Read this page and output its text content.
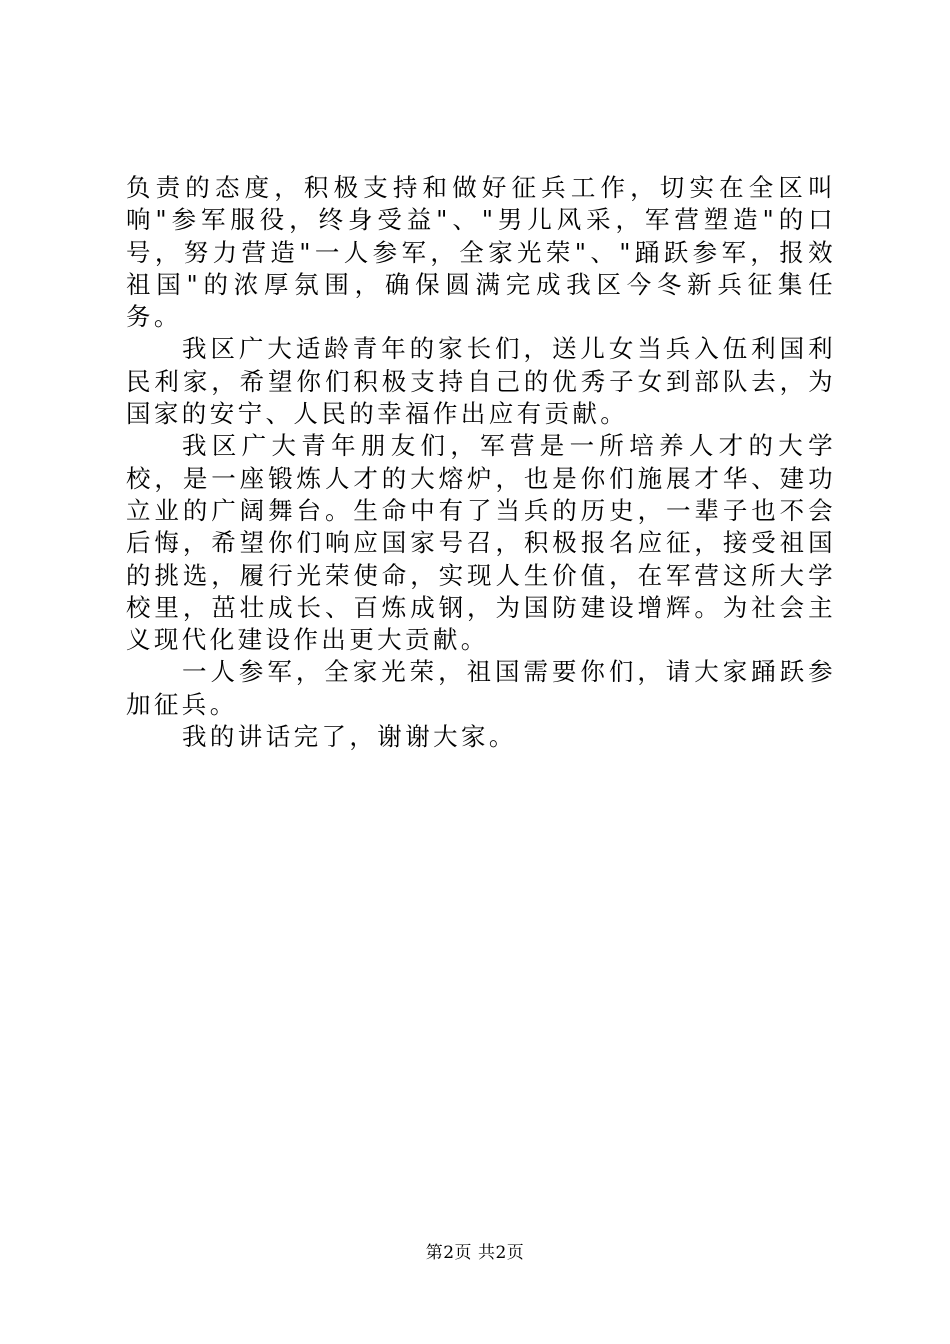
负责的态度，积极支持和做好征兵工作，切实在全区叫响"参军服役，终身受益"、"男儿风采，军营塑造"的口号，努力营造"一人参军，全家光荣"、"踊跃参军，报效祖国"的浓厚氛围，确保圆满完成我区今冬新兵征集任务。

我区广大适龄青年的家长们，送儿女当兵入伍利国利民利家，希望你们积极支持自己的优秀子女到部队去，为国家的安宁、人民的幸福作出应有贡献。

我区广大青年朋友们，军营是一所培养人才的大学校，是一座锻炼人才的大熔炉，也是你们施展才华、建功立业的广阔舞台。生命中有了当兵的历史，一辈子也不会后悔，希望你们响应国家号召，积极报名应征，接受祖国的挑选，履行光荣使命，实现人生价值，在军营这所大学校里，茁壮成长、百炼成钢，为国防建设增辉。为社会主义现代化建设作出更大贡献。

一人参军，全家光荣，祖国需要你们，请大家踊跃参加征兵。

我的讲话完了，谢谢大家。

第2页 共2页
